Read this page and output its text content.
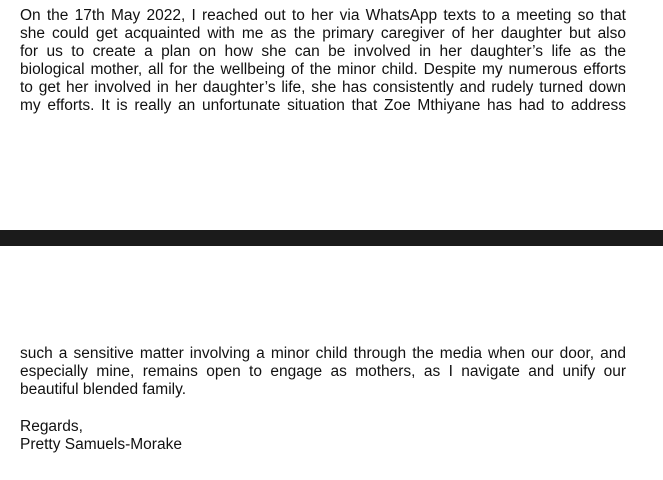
On the 17th May 2022, I reached out to her via WhatsApp texts to a meeting so that
she could get acquainted with me as the primary caregiver of her daughter but also
for us to create a plan on how she can be involved in her daughter’s life as the
biological mother, all for the wellbeing of the minor child. Despite my numerous efforts
to get her involved in her daughter’s life, she has consistently and rudely turned down
my efforts. It is really an unfortunate situation that Zoe Mthiyane has had to address
such a sensitive matter involving a minor child through the media when our door, and
especially mine, remains open to engage as mothers, as I navigate and unify our
beautiful blended family.

Regards,

Pretty Samuels-Morake
